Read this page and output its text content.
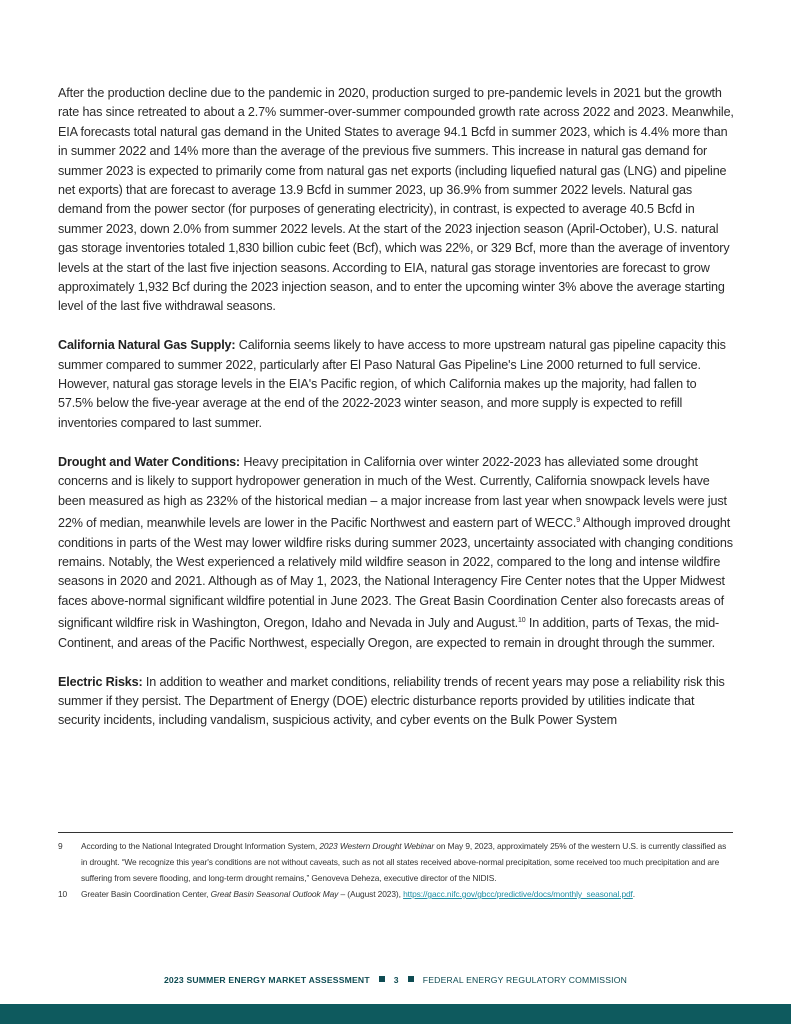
After the production decline due to the pandemic in 2020, production surged to pre-pandemic levels in 2021 but the growth rate has since retreated to about a 2.7% summer-over-summer compounded growth rate across 2022 and 2023. Meanwhile, EIA forecasts total natural gas demand in the United States to average 94.1 Bcfd in summer 2023, which is 4.4% more than in summer 2022 and 14% more than the average of the previous five summers. This increase in natural gas demand for summer 2023 is expected to primarily come from natural gas net exports (including liquefied natural gas (LNG) and pipeline net exports) that are forecast to average 13.9 Bcfd in summer 2023, up 36.9% from summer 2022 levels. Natural gas demand from the power sector (for purposes of generating electricity), in contrast, is expected to average 40.5 Bcfd in summer 2023, down 2.0% from summer 2022 levels. At the start of the 2023 injection season (April-October), U.S. natural gas storage inventories totaled 1,830 billion cubic feet (Bcf), which was 22%, or 329 Bcf, more than the average of inventory levels at the start of the last five injection seasons. According to EIA, natural gas storage inventories are forecast to grow approximately 1,932 Bcf during the 2023 injection season, and to enter the upcoming winter 3% above the average starting level of the last five withdrawal seasons.

California Natural Gas Supply: California seems likely to have access to more upstream natural gas pipeline capacity this summer compared to summer 2022, particularly after El Paso Natural Gas Pipeline's Line 2000 returned to full service. However, natural gas storage levels in the EIA's Pacific region, of which California makes up the majority, had fallen to 57.5% below the five-year average at the end of the 2022-2023 winter season, and more supply is expected to refill inventories compared to last summer.

Drought and Water Conditions: Heavy precipitation in California over winter 2022-2023 has alleviated some drought concerns and is likely to support hydropower generation in much of the West. Currently, California snowpack levels have been measured as high as 232% of the historical median – a major increase from last year when snowpack levels were just 22% of median, meanwhile levels are lower in the Pacific Northwest and eastern part of WECC.$^9$ Although improved drought conditions in parts of the West may lower wildfire risks during summer 2023, uncertainty associated with changing conditions remains. Notably, the West experienced a relatively mild wildfire season in 2022, compared to the long and intense wildfire seasons in 2020 and 2021. Although as of May 1, 2023, the National Interagency Fire Center notes that the Upper Midwest faces above-normal significant wildfire potential in June 2023. The Great Basin Coordination Center also forecasts areas of significant wildfire risk in Washington, Oregon, Idaho and Nevada in July and August.$^{10}$ In addition, parts of Texas, the mid-Continent, and areas of the Pacific Northwest, especially Oregon, are expected to remain in drought through the summer.

Electric Risks: In addition to weather and market conditions, reliability trends of recent years may pose a reliability risk this summer if they persist. The Department of Energy (DOE) electric disturbance reports provided by utilities indicate that security incidents, including vandalism, suspicious activity, and cyber events on the Bulk Power System

9	According to the National Integrated Drought Information System, 2023 Western Drought Webinar on May 9, 2023, approximately 25% of the western U.S. is currently classified as in drought. “We recognize this year's conditions are not without caveats, such as not all states received above-normal precipitation, some received too much precipitation and are suffering from severe flooding, and long-term drought remains,” Genoveva Deheza, executive director of the NIDIS.
10	Greater Basin Coordination Center, Great Basin Seasonal Outlook May – (August 2023), https://gacc.nifc.gov/gbcc/predictive/docs/monthly_seasonal.pdf.
2023 SUMMER ENERGY MARKET ASSESSMENT	3	FEDERAL ENERGY REGULATORY COMMISSION
